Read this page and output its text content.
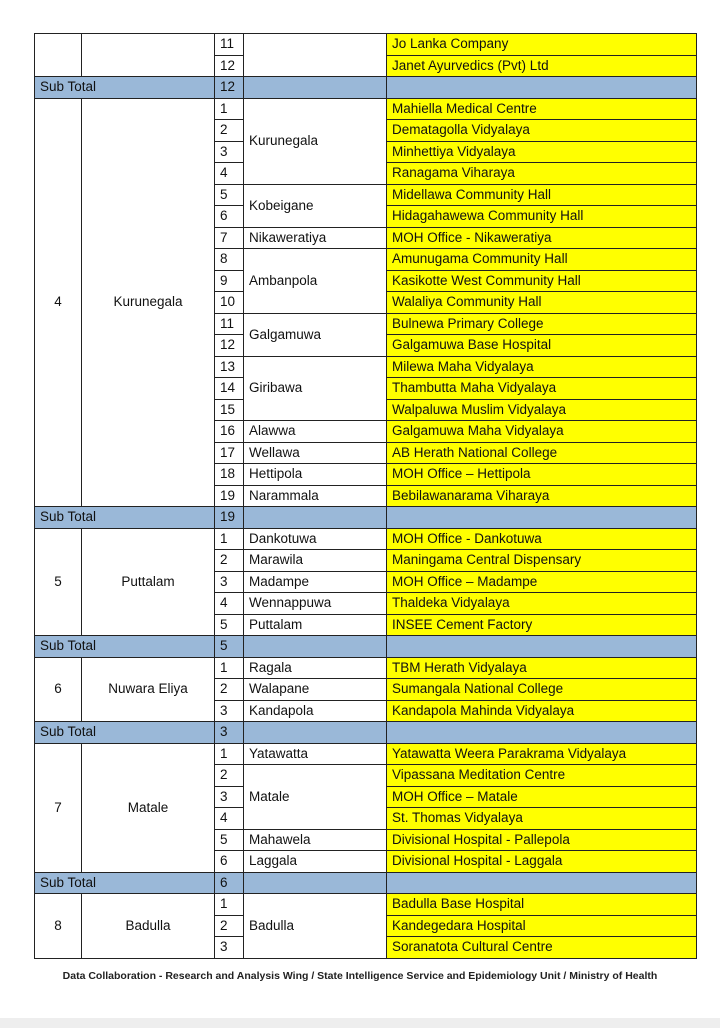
		11		Jo Lanka Company
		12		Janet Ayurvedics (Pvt) Ltd
Sub Total		12		
4	Kurunegala	1	Kurunegala	Mahiella Medical Centre
		2		Dematagolla Vidyalaya
		3		Minhettiya Vidyalaya
		4		Ranagama Viharaya
		5	Kobeigane	Midellawa Community Hall
		6		Hidagahawewa Community Hall
		7	Nikaweratiya	MOH Office - Nikaweratiya
		8	Ambanpola	Amunugama Community Hall
		9		Kasikotte West Community Hall
		10		Walaliya Community Hall
		11	Galgamuwa	Bulnewa Primary College
		12		Galgamuwa Base Hospital
		13	Giribawa	Milewa Maha Vidyalaya
		14		Thambutta Maha Vidyalaya
		15		Walpaluwa Muslim Vidyalaya
		16	Alawwa	Galgamuwa Maha Vidyalaya
		17	Wellawa	AB Herath National College
		18	Hettipola	MOH Office – Hettipola
		19	Narammala	Bebilawanarama Viharaya
Sub Total		19		
5	Puttalam	1	Dankotuwa	MOH Office - Dankotuwa
		2	Marawila	Maningama Central Dispensary
		3	Madampe	MOH Office – Madampe
		4	Wennappuwa	Thaldeka Vidyalaya
		5	Puttalam	INSEE Cement Factory
Sub Total		5		
6	Nuwara Eliya	1	Ragala	TBM Herath Vidyalaya
		2	Walapane	Sumangala National College
		3	Kandapola	Kandapola Mahinda Vidyalaya
Sub Total		3		
7	Matale	1	Yatawatta	Yatawatta Weera Parakrama Vidyalaya
		2	Matale	Vipassana Meditation Centre
		3		MOH Office – Matale
		4		St. Thomas Vidyalaya
		5	Mahawela	Divisional Hospital - Pallepola
		6	Laggala	Divisional Hospital - Laggala
Sub Total		6		
8	Badulla	1	Badulla	Badulla Base Hospital
		2		Kandegedara Hospital
		3		Soranatota Cultural Centre
Data Collaboration - Research and Analysis Wing / State Intelligence Service and Epidemiology Unit / Ministry of Health
